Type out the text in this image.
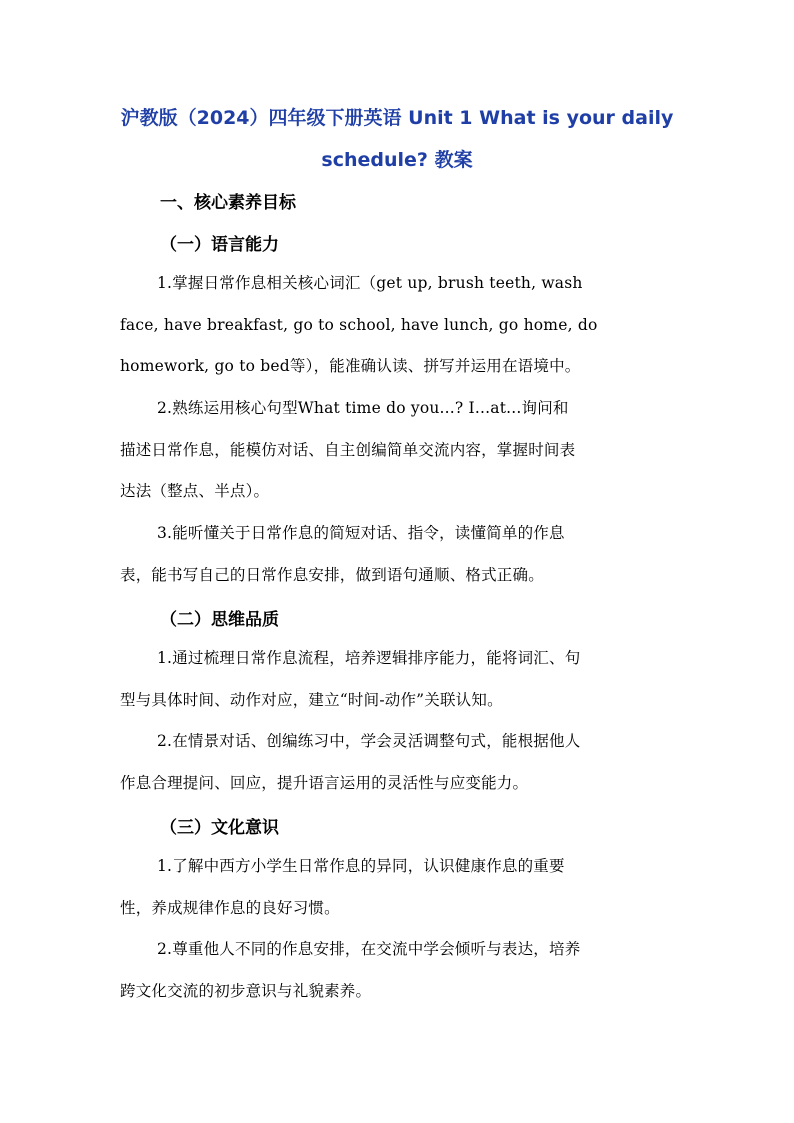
沪教版（2024）四年级下册英语 Unit 1 What is your daily
schedule? 教案
一、核心素养目标
（一）语言能力
1.掌握日常作息相关核心词汇（get up, brush teeth, wash
face, have breakfast, go to school, have lunch, go home, do
homework, go to bed等），能准确认读、拼写并运用在语境中。
2.熟练运用核心句型What time do you...? I...at...询问和
描述日常作息，能模仿对话、自主创编简单交流内容，掌握时间表
达法（整点、半点）。
3.能听懂关于日常作息的简短对话、指令，读懂简单的作息
表，能书写自己的日常作息安排，做到语句通顺、格式正确。
（二）思维品质
1.通过梳理日常作息流程，培养逻辑排序能力，能将词汇、句
型与具体时间、动作对应，建立“时间-动作”关联认知。
2.在情景对话、创编练习中，学会灵活调整句式，能根据他人
作息合理提问、回应，提升语言运用的灵活性与应变能力。
（三）文化意识
1.了解中西方小学生日常作息的异同，认识健康作息的重要
性，养成规律作息的良好习惯。
2.尊重他人不同的作息安排，在交流中学会倾听与表达，培养
跨文化交流的初步意识与礼貌素养。
